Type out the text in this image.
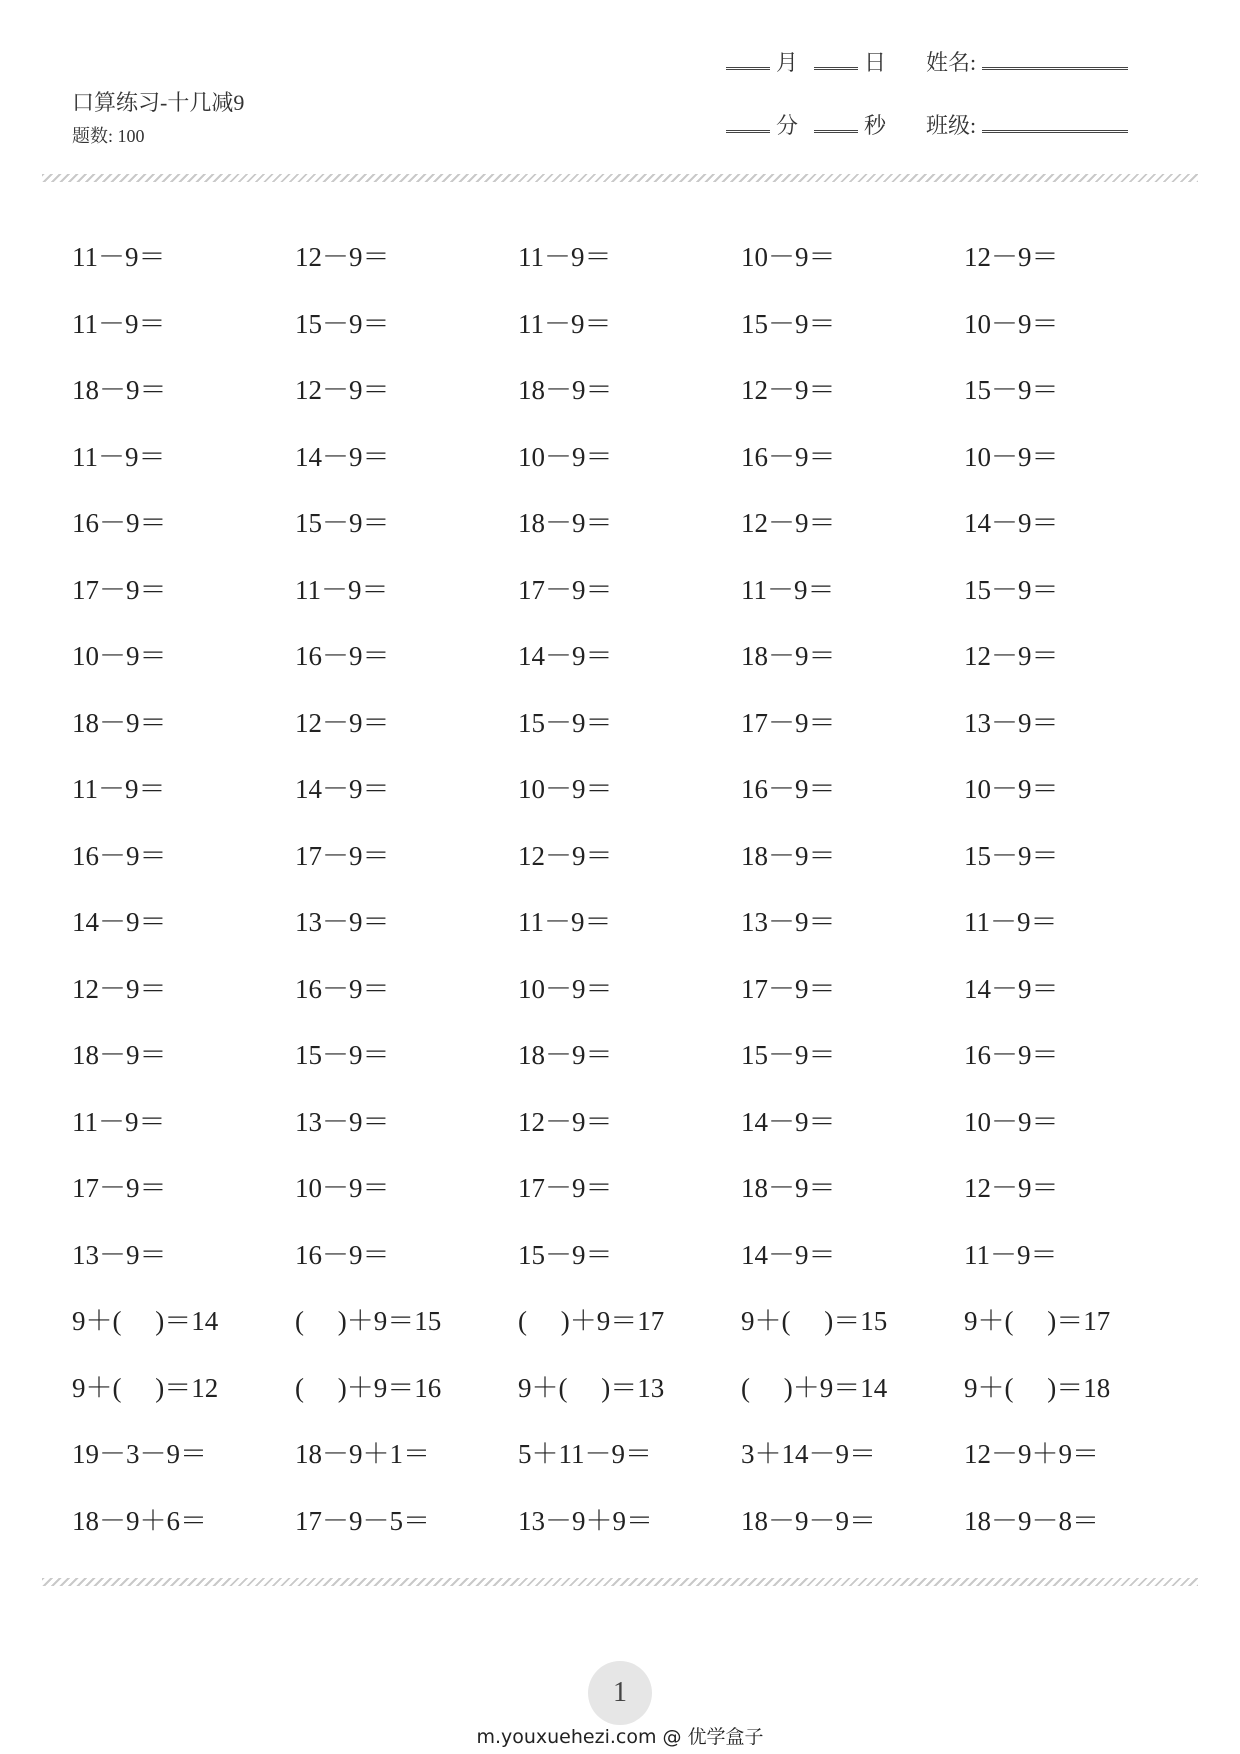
口算练习-十几减9
题数: 100
月	日 姓名:
分	秒 班级:
11－9＝	12－9＝	11－9＝	10－9＝	12－9＝
11－9＝	15－9＝	11－9＝	15－9＝	10－9＝
18－9＝	12－9＝	18－9＝	12－9＝	15－9＝
11－9＝	14－9＝	10－9＝	16－9＝	10－9＝
16－9＝	15－9＝	18－9＝	12－9＝	14－9＝
17－9＝	11－9＝	17－9＝	11－9＝	15－9＝
10－9＝	16－9＝	14－9＝	18－9＝	12－9＝
18－9＝	12－9＝	15－9＝	17－9＝	13－9＝
11－9＝	14－9＝	10－9＝	16－9＝	10－9＝
16－9＝	17－9＝	12－9＝	18－9＝	15－9＝
14－9＝	13－9＝	11－9＝	13－9＝	11－9＝
12－9＝	16－9＝	10－9＝	17－9＝	14－9＝
18－9＝	15－9＝	18－9＝	15－9＝	16－9＝
11－9＝	13－9＝	12－9＝	14－9＝	10－9＝
17－9＝	10－9＝	17－9＝	18－9＝	12－9＝
13－9＝	16－9＝	15－9＝	14－9＝	11－9＝
9＋(　 )＝14	(　 )＋9＝15	(　 )＋9＝17	9＋(　 )＝15	9＋(　 )＝17
9＋(　 )＝12	(　 )＋9＝16	9＋(　 )＝13	(　 )＋9＝14	9＋(　 )＝18
19－3－9＝	18－9＋1＝	5＋11－9＝	3＋14－9＝	12－9＋9＝
18－9＋6＝	17－9－5＝	13－9＋9＝	18－9－9＝	18－9－8＝
1
m.youxuehezi.com @ 优学盒子
